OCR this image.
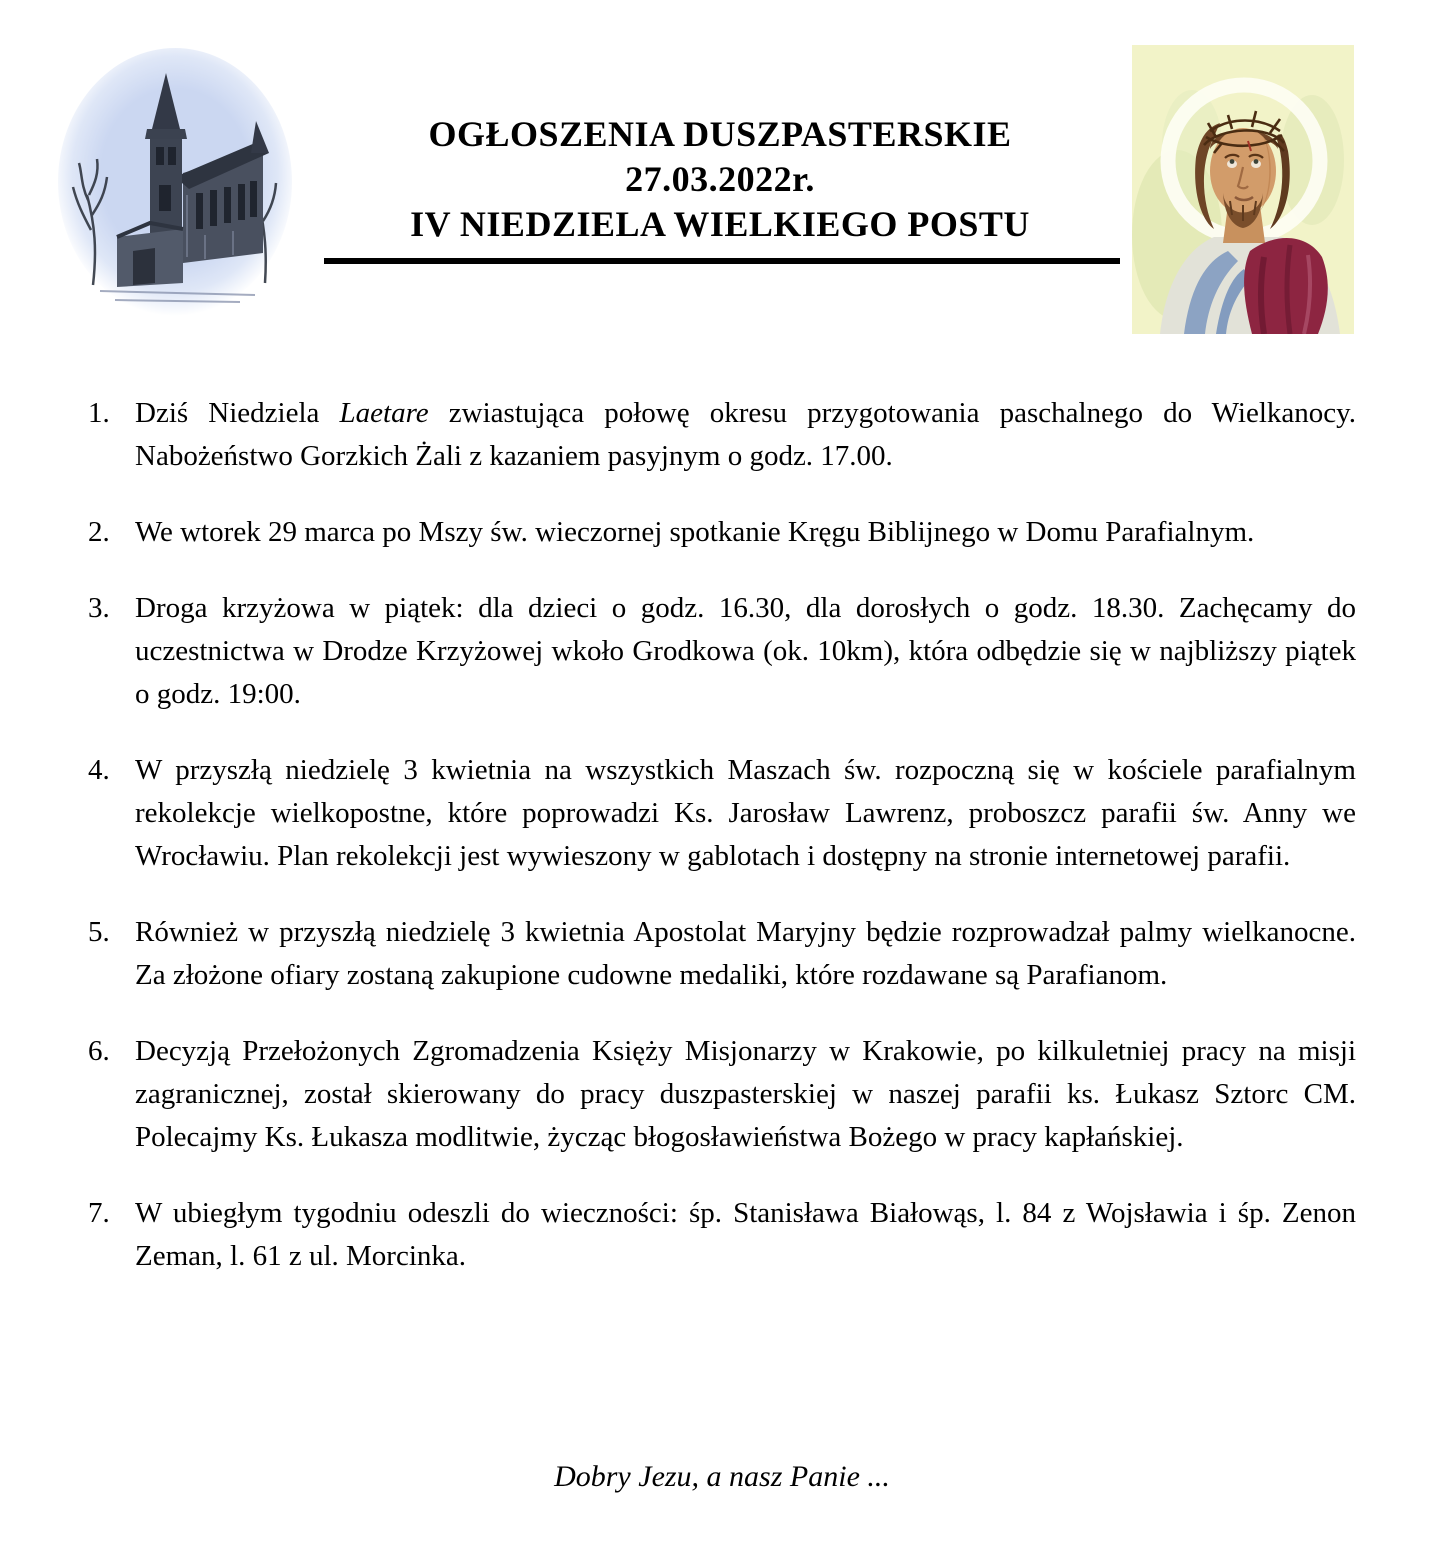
OGŁOSZENIA DUSZPASTERSKIE
27.03.2022r.
IV NIEDZIELA WIELKIEGO POSTU
1. Dziś Niedziela Laetare zwiastująca połowę okresu przygotowania paschalnego do Wielkanocy. Nabożeństwo Gorzkich Żali z kazaniem pasyjnym o godz. 17.00.
2. We wtorek 29 marca po Mszy św. wieczornej spotkanie Kręgu Biblijnego w Domu Parafialnym.
3. Droga krzyżowa w piątek: dla dzieci o godz. 16.30, dla dorosłych o godz. 18.30. Zachęcamy do uczestnictwa w Drodze Krzyżowej wkoło Grodkowa (ok. 10km), która odbędzie się w najbliższy piątek o godz. 19:00.
4. W przyszłą niedzielę 3 kwietnia na wszystkich Maszach św. rozpoczną się w kościele parafialnym rekolekcje wielkopostne, które poprowadzi Ks. Jarosław Lawrenz, proboszcz parafii św. Anny we Wrocławiu. Plan rekolekcji jest wywieszony w gablotach i dostępny na stronie internetowej parafii.
5. Również w przyszłą niedzielę 3 kwietnia Apostolat Maryjny będzie rozprowadzał palmy wielkanocne. Za złożone ofiary zostaną zakupione cudowne medaliki, które rozdawane są Parafianom.
6. Decyzją Przełożonych Zgromadzenia Księży Misjonarzy w Krakowie, po kilkuletniej pracy na misji zagranicznej, został skierowany do pracy duszpasterskiej w naszej parafii ks. Łukasz Sztorc CM. Polecajmy Ks. Łukasza modlitwie, życząc błogosławieństwa Bożego w pracy kapłańskiej.
7. W ubiegłym tygodniu odeszli do wieczności: śp. Stanisława Białowąs, l. 84 z Wojsławia i śp. Zenon Zeman, l. 61 z ul. Morcinka.
Dobry Jezu, a nasz Panie ...
